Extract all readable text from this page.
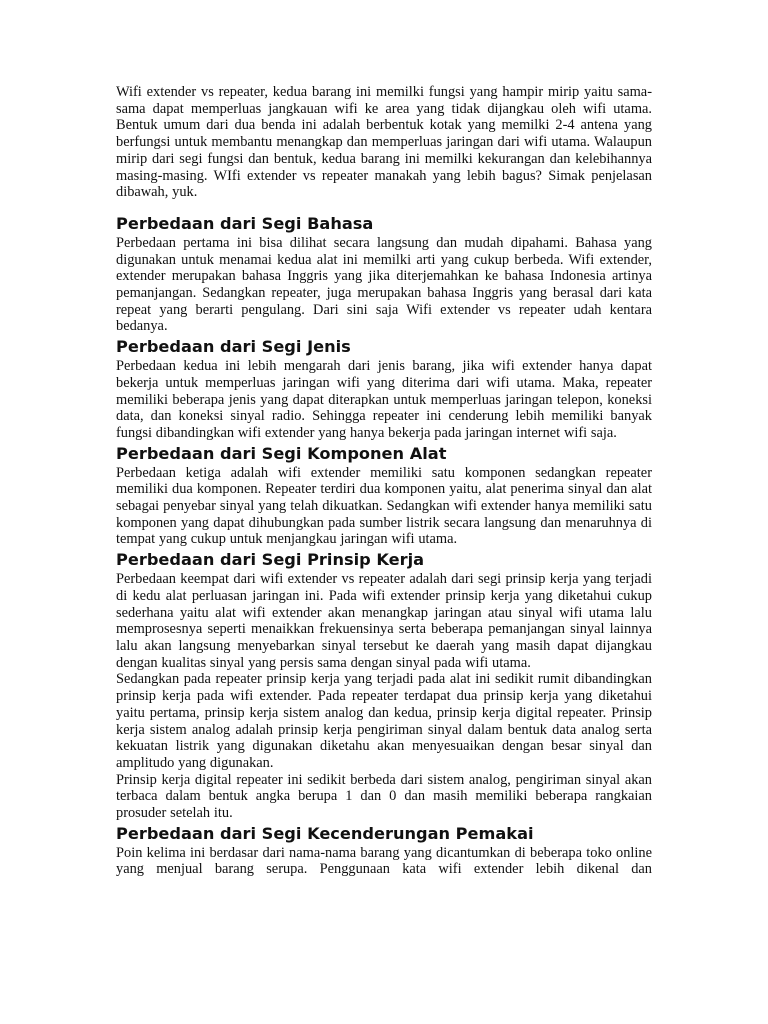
Wifi extender vs repeater, kedua barang ini memilki fungsi yang hampir mirip yaitu sama-sama dapat memperluas jangkauan wifi ke area yang tidak dijangkau oleh wifi utama. Bentuk umum dari dua benda ini adalah berbentuk kotak yang memilki 2-4 antena yang berfungsi untuk membantu menangkap dan memperluas jaringan dari wifi utama. Walaupun mirip dari segi fungsi dan bentuk, kedua barang ini memilki kekurangan dan kelebihannya masing-masing. WIfi extender vs repeater manakah yang lebih bagus? Simak penjelasan dibawah, yuk.

Perbedaan dari Segi Bahasa

Perbedaan pertama ini bisa dilihat secara langsung dan mudah dipahami. Bahasa yang digunakan untuk menamai kedua alat ini memilki arti yang cukup berbeda. Wifi extender, extender merupakan bahasa Inggris yang jika diterjemahkan ke bahasa Indonesia artinya pemanjangan. Sedangkan repeater, juga merupakan bahasa Inggris yang berasal dari kata repeat yang berarti pengulang. Dari sini saja Wifi extender vs repeater udah kentara bedanya.

Perbedaan dari Segi Jenis

Perbedaan kedua ini lebih mengarah dari jenis barang, jika wifi extender hanya dapat bekerja untuk memperluas jaringan wifi yang diterima dari wifi utama. Maka, repeater memiliki beberapa jenis yang dapat diterapkan untuk memperluas jaringan telepon, koneksi data, dan koneksi sinyal radio. Sehingga repeater ini cenderung lebih memiliki banyak fungsi dibandingkan wifi extender yang hanya bekerja pada jaringan internet wifi saja.

Perbedaan dari Segi Komponen Alat

Perbedaan ketiga adalah wifi extender memiliki satu komponen sedangkan repeater memiliki dua komponen. Repeater terdiri dua komponen yaitu, alat penerima sinyal dan alat sebagai penyebar sinyal yang telah dikuatkan. Sedangkan wifi extender hanya memiliki satu komponen yang dapat dihubungkan pada sumber listrik secara langsung dan menaruhnya di tempat yang cukup untuk menjangkau jaringan wifi utama.

Perbedaan dari Segi Prinsip Kerja

Perbedaan keempat dari wifi extender vs repeater adalah dari segi prinsip kerja yang terjadi di kedu alat perluasan jaringan ini. Pada wifi extender prinsip kerja yang diketahui cukup sederhana yaitu alat wifi extender akan menangkap jaringan atau sinyal wifi utama lalu memprosesnya seperti menaikkan frekuensinya serta beberapa pemanjangan sinyal lainnya lalu akan langsung menyebarkan sinyal tersebut ke daerah yang masih dapat dijangkau dengan kualitas sinyal yang persis sama dengan sinyal pada wifi utama.

Sedangkan pada repeater prinsip kerja yang terjadi pada alat ini sedikit rumit dibandingkan prinsip kerja pada wifi extender. Pada repeater terdapat dua prinsip kerja yang diketahui yaitu pertama, prinsip kerja sistem analog dan kedua, prinsip kerja digital repeater. Prinsip kerja sistem analog adalah prinsip kerja pengiriman sinyal dalam bentuk data analog serta kekuatan listrik yang digunakan diketahu akan menyesuaikan dengan besar sinyal dan amplitudo yang digunakan.

Prinsip kerja digital repeater ini sedikit berbeda dari sistem analog, pengiriman sinyal akan terbaca dalam bentuk angka berupa 1 dan 0 dan masih memiliki beberapa rangkaian prosuder setelah itu.

Perbedaan dari Segi Kecenderungan Pemakai

Poin kelima ini berdasar dari nama-nama barang yang dicantumkan di beberapa toko online yang menjual barang serupa. Penggunaan kata wifi extender lebih dikenal dan
